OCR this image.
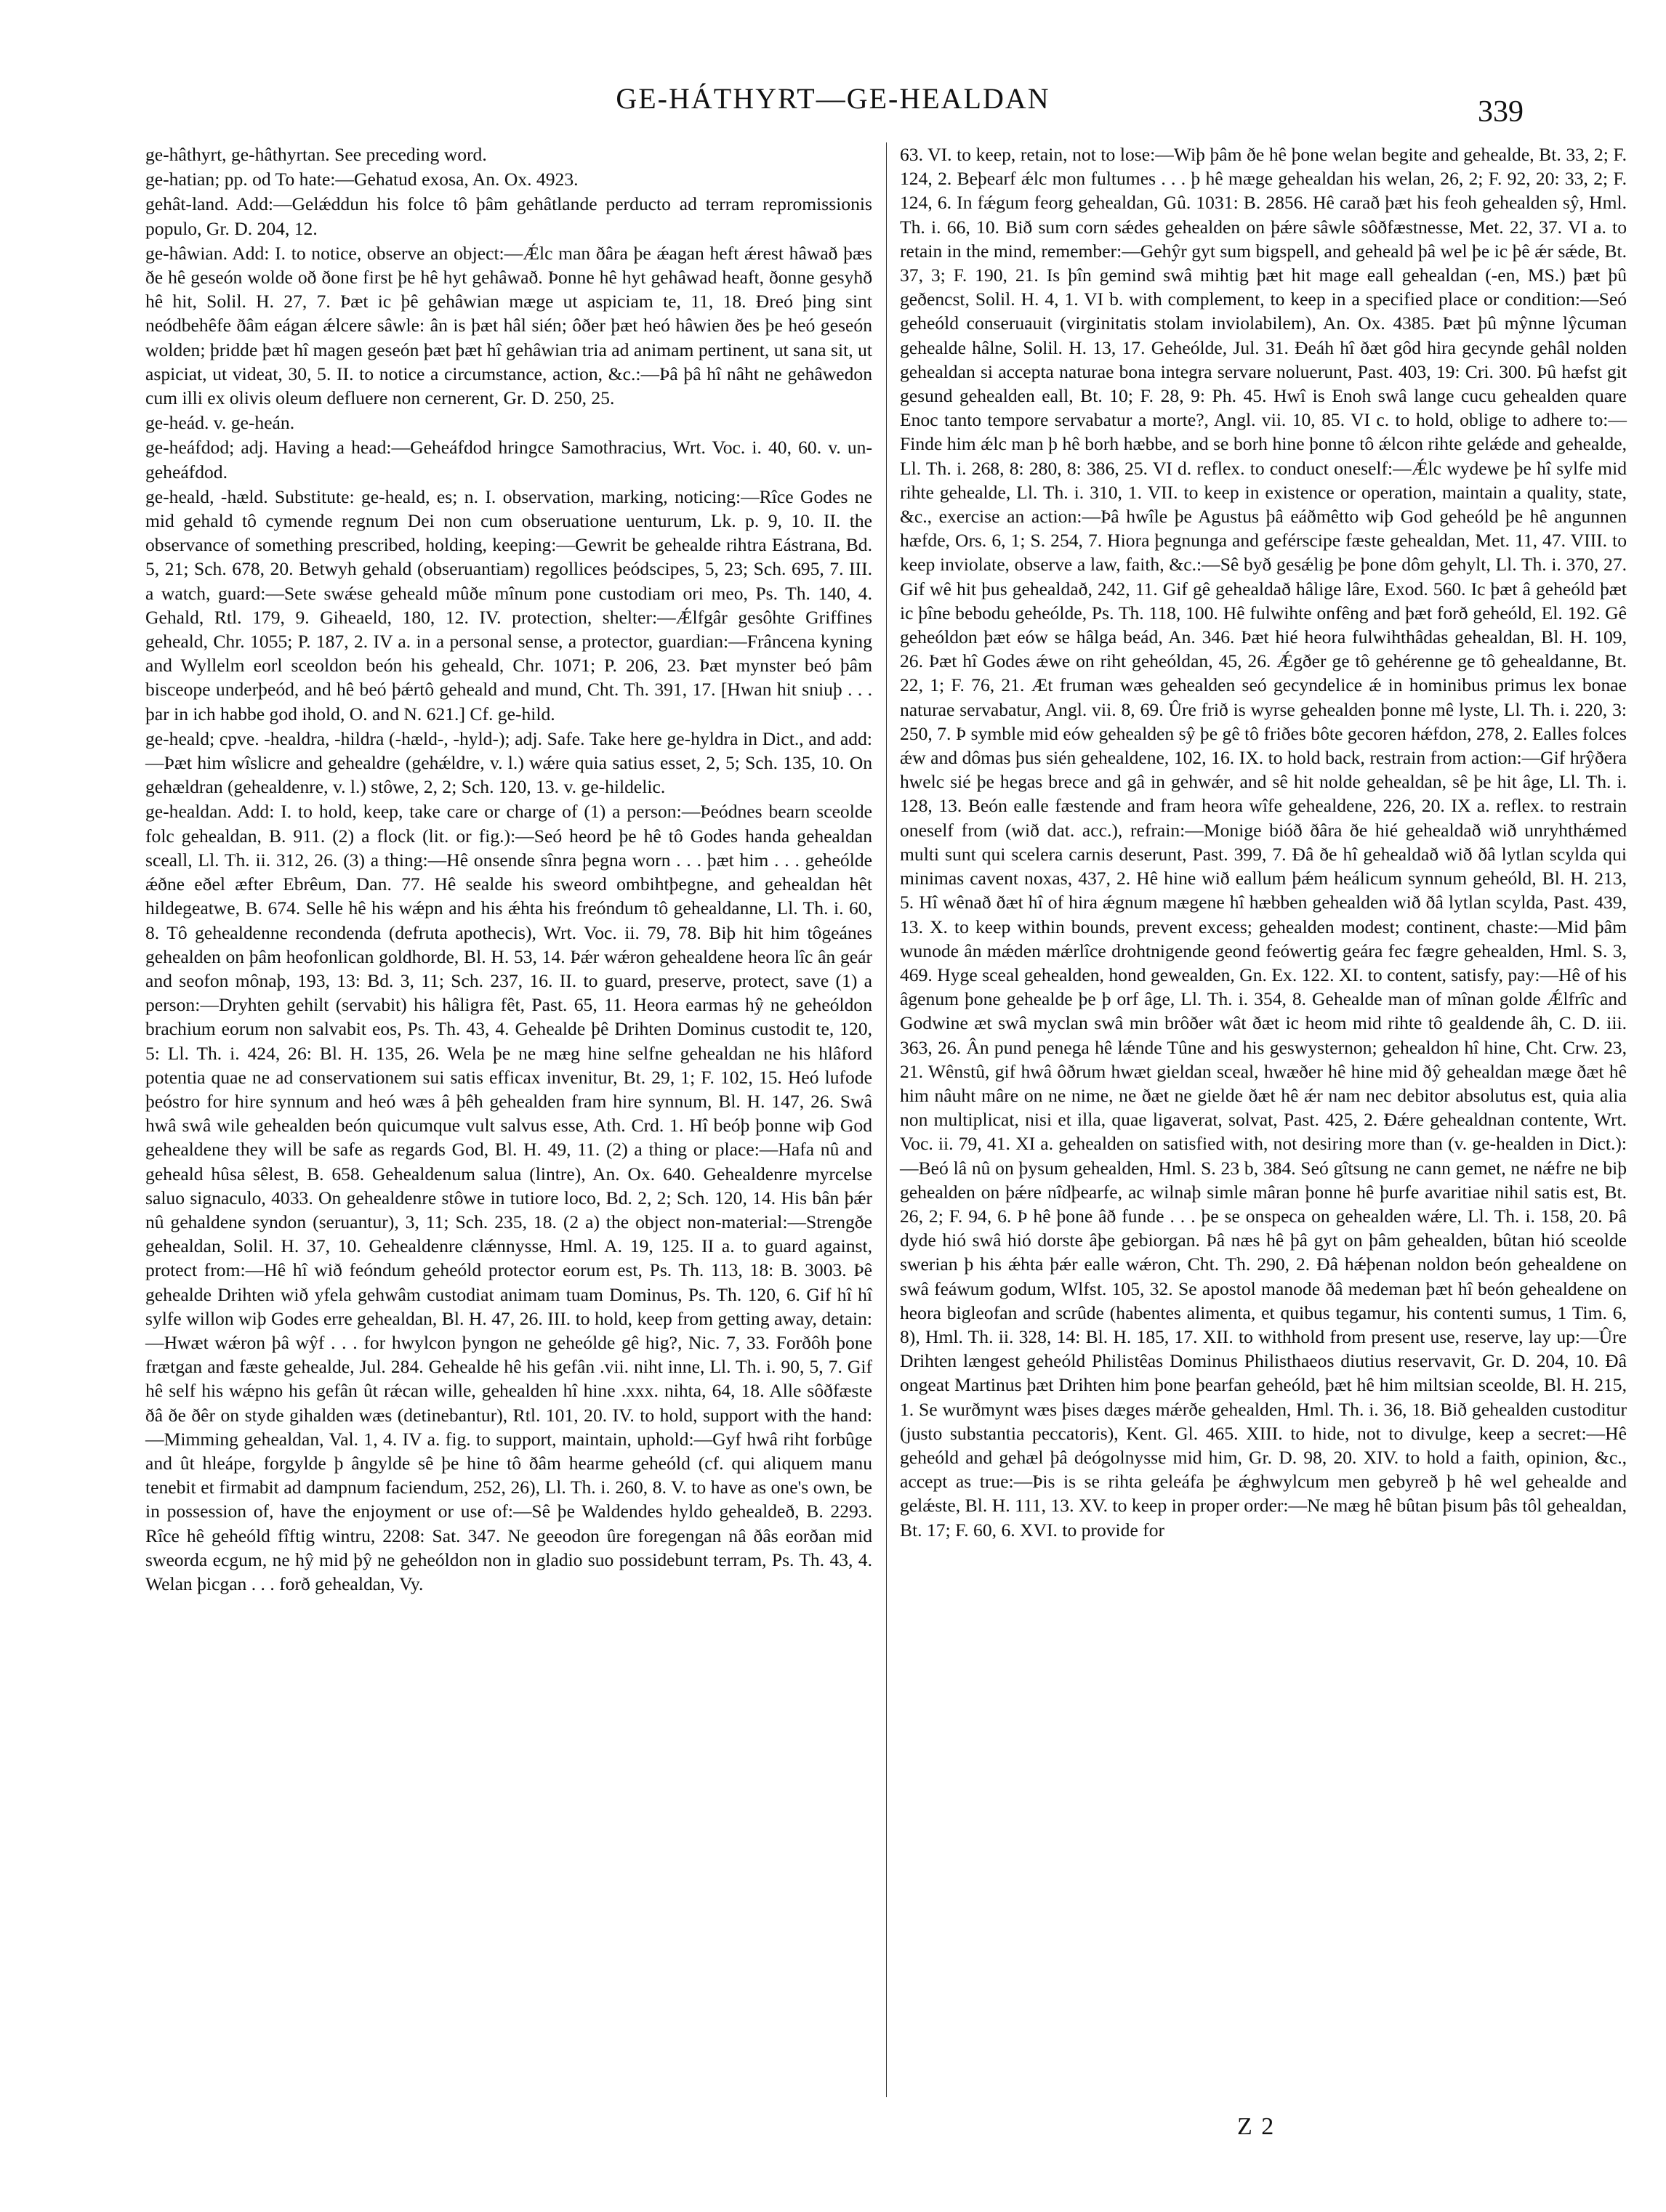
GE-HÁTHYRT—GE-HEALDAN	339

ge-hâthyrt, ge-hâthyrtan. See preceding word.

ge-hatian; pp. od To hate:—Gehatud exosa, An. Ox. 4923.

gehât-land. Add:—Gelǽddun his folce tô þâm gehâtlande perducto ad terram repromissionis populo, Gr. D. 204, 12.

ge-hâwian. Add: I. to notice, observe an object:—Ǽlc man ðâra þe ǽagan heft ǽrest hâwað þæs ðe hê geseón wolde oð ðone first þe hê hyt gehâwað. Þonne hê hyt gehâwad heaft, ðonne gesyhð hê hit, Solil. H. 27, 7. Þæt ic þê gehâwian mæge ut aspiciam te, 11, 18. Ðreó þing sint neódbehêfe ðâm eágan ǽlcere sâwle: ân is þæt hâl sién; ôðer þæt heó hâwien ðes þe heó geseón wolden; þridde þæt hî magen geseón þæt þæt hî gehâwian tria ad animam pertinent, ut sana sit, ut aspiciat, ut videat, 30, 5. II. to notice a circumstance, action, &c.:—Þâ þâ hî nâht ne gehâwedon cum illi ex olivis oleum defluere non cernerent, Gr. D. 250, 25.

ge-heád. v. ge-heán.

ge-heáfdod; adj. Having a head:—Geheáfdod hringce Samothracius, Wrt. Voc. i. 40, 60. v. un-geheáfdod.

ge-heald, -hæld. Substitute: ge-heald, es; n. I. observation, marking, noticing:—Rîce Godes ne mid gehald tô cymende regnum Dei non cum obseruatione uenturum, Lk. p. 9, 10. II. the observance of something prescribed, holding, keeping:—Gewrit be gehealde rihtra Eástrana, Bd. 5, 21; Sch. 678, 20. Betwyh gehald (obseruantiam) regollices þeódscipes, 5, 23; Sch. 695, 7. III. a watch, guard:—Sete swǽse geheald mûðe mînum pone custodiam ori meo, Ps. Th. 140, 4. Gehald, Rtl. 179, 9. Giheaeld, 180, 12. IV. protection, shelter:—Ǽlfgâr gesôhte Griffines geheald, Chr. 1055; P. 187, 2. IV a. in a personal sense, a protector, guardian:—Frâncena kyning and Wyllelm eorl sceoldon beón his geheald, Chr. 1071; P. 206, 23. Þæt mynster beó þâm bisceope underþeód, and hê beó þǽrtô geheald and mund, Cht. Th. 391, 17. [Hwan hit sniuþ . . . þar in ich habbe god ihold, O. and N. 621.] Cf. ge-hild.

ge-heald; cpve. -healdra, -hildra (-hæld-, -hyld-); adj. Safe. Take here ge-hyldra in Dict., and add:—Þæt him wîslicre and gehealdre (gehǽldre, v. l.) wǽre quia satius esset, 2, 5; Sch. 135, 10. On gehældran (gehealdenre, v. l.) stôwe, 2, 2; Sch. 120, 13. v. ge-hildelic.

ge-healdan. Add: I. to hold, keep, take care or charge of (1) a person:—Þeódnes bearn sceolde folc gehealdan, B. 911. (2) a flock (lit. or fig.):—Seó heord þe hê tô Godes handa gehealdan sceall, Ll. Th. ii. 312, 26. (3) a thing:—Hê onsende sînra þegna worn . . . þæt him . . . geheólde ǽðne eðel æfter Ebrêum, Dan. 77. Hê sealde his sweord ombihtþegne, and gehealdan hêt hildegeatwe, B. 674. Selle hê his wǽpn and his ǽhta his freóndum tô gehealdanne, Ll. Th. i. 60, 8. Tô gehealdenne recondenda (defruta apothecis), Wrt. Voc. ii. 79, 78. Biþ hit him tôgeánes gehealden on þâm heofonlican goldhorde, Bl. H. 53, 14. Þǽr wǽron gehealdene heora lîc ân geár and seofon mônaþ, 193, 13: Bd. 3, 11; Sch. 237, 16. II. to guard, preserve, protect, save (1) a person:—Dryhten gehilt (servabit) his hâligra fêt, Past. 65, 11. Heora earmas hŷ ne geheóldon brachium eorum non salvabit eos, Ps. Th. 43, 4. Gehealde þê Drihten Dominus custodit te, 120, 5: Ll. Th. i. 424, 26: Bl. H. 135, 26. Wela þe ne mæg hine selfne gehealdan ne his hlâford potentia quae ne ad conservationem sui satis efficax invenitur, Bt. 29, 1; F. 102, 15. Heó lufode þeóstro for hire synnum and heó wæs â þêh gehealden fram hire synnum, Bl. H. 147, 26. Swâ hwâ swâ wile gehealden beón quicumque vult salvus esse, Ath. Crd. 1. Hî beóþ þonne wiþ God gehealdene they will be safe as regards God, Bl. H. 49, 11. (2) a thing or place:—Hafa nû and geheald hûsa sêlest, B. 658. Gehealdenum salua (lintre), An. Ox. 640. Gehealdenre myrcelse saluo signaculo, 4033. On gehealdenre stôwe in tutiore loco, Bd. 2, 2; Sch. 120, 14. His bân þǽr nû gehaldene syndon (seruantur), 3, 11; Sch. 235, 18. (2 a) the object non-material:—Strengðe gehealdan, Solil. H. 37, 10. Gehealdenre clǽnnysse, Hml. A. 19, 125. II a. to guard against, protect from:—Hê hî wið feóndum geheóld protector eorum est, Ps. Th. 113, 18: B. 3003. Þê gehealde Drihten wið yfela gehwâm custodiat animam tuam Dominus, Ps. Th. 120, 6. Gif hî hî sylfe willon wiþ Godes erre gehealdan, Bl. H. 47, 26. III. to hold, keep from getting away, detain:—Hwæt wǽron þâ wŷf . . . for hwylcon þyngon ne geheólde gê hig?, Nic. 7, 33. Forðôh þone frætgan and fæste gehealde, Jul. 284. Gehealde hê his gefân .vii. niht inne, Ll. Th. i. 90, 5, 7. Gif hê self his wǽpno his gefân ût rǽcan wille, gehealden hî hine .xxx. nihta, 64, 18. Alle sôðfæste ðâ ðe ðêr on styde gihalden wæs (detinebantur), Rtl. 101, 20. IV. to hold, support with the hand:—Mimming gehealdan, Val. 1, 4. IV a. fig. to support, maintain, uphold:—Gyf hwâ riht forbûge and ût hleápe, forgylde þ ângylde sê þe hine tô ðâm hearme geheóld (cf. qui aliquem manu tenebit et firmabit ad dampnum faciendum, 252, 26), Ll. Th. i. 260, 8. V. to have as one's own, be in possession of, have the enjoyment or use of:—Sê þe Waldendes hyldo gehealdeð, B. 2293. Rîce hê geheóld fîftig wintru, 2208: Sat. 347. Ne geeodon ûre foregengan nâ ðâs eorðan mid sweorda ecgum, ne hŷ mid þŷ ne geheóldon non in gladio suo possidebunt terram, Ps. Th. 43, 4. Welan þicgan . . . forð gehealdan, Vy.

63. VI. to keep, retain, not to lose:—Wiþ þâm ðe hê þone welan begite and gehealde, Bt. 33, 2; F. 124, 2. Beþearf ǽlc mon fultumes . . . þ hê mæge gehealdan his welan, 26, 2; F. 92, 20: 33, 2; F. 124, 6. In fǽgum feorg gehealdan, Gû. 1031: B. 2856. Hê carað þæt his feoh gehealden sŷ, Hml. Th. i. 66, 10. Bið sum corn sǽdes gehealden on þǽre sâwle sôðfæstnesse, Met. 22, 37. VI a. to retain in the mind, remember:—Gehŷr gyt sum bigspell, and geheald þâ wel þe ic þê ǽr sǽde, Bt. 37, 3; F. 190, 21. Is þîn gemind swâ mihtig þæt hit mage eall gehealdan (-en, MS.) þæt þû geðencst, Solil. H. 4, 1. VI b. with complement, to keep in a specified place or condition:—Seó geheóld conseruauit (virginitatis stolam inviolabilem), An. Ox. 4385. Þæt þû mŷnne lŷcuman gehealde hâlne, Solil. H. 13, 17. Geheólde, Jul. 31. Ðeáh hî ðæt gôd hira gecynde gehâl nolden gehealdan si accepta naturae bona integra servare noluerunt, Past. 403, 19: Cri. 300. Þû hæfst git gesund gehealden eall, Bt. 10; F. 28, 9: Ph. 45. Hwî is Enoh swâ lange cucu gehealden quare Enoc tanto tempore servabatur a morte?, Angl. vii. 10, 85. VI c. to hold, oblige to adhere to:—Finde him ǽlc man þ hê borh hæbbe, and se borh hine þonne tô ǽlcon rihte gelǽde and gehealde, Ll. Th. i. 268, 8: 280, 8: 386, 25. VI d. reflex. to conduct oneself:—Ǽlc wydewe þe hî sylfe mid rihte gehealde, Ll. Th. i. 310, 1. VII. to keep in existence or operation, maintain a quality, state, &c., exercise an action:—Þâ hwîle þe Agustus þâ eáðmêtto wiþ God geheóld þe hê angunnen hæfde, Ors. 6, 1; S. 254, 7. Hiora þegnunga and geférscipe fæste gehealdan, Met. 11, 47. VIII. to keep inviolate, observe a law, faith, &c.:—Sê byð gesǽlig þe þone dôm gehylt, Ll. Th. i. 370, 27. Gif wê hit þus gehealdað, 242, 11. Gif gê gehealdað hâlige lâre, Exod. 560. Ic þæt â geheóld þæt ic þîne bebodu geheólde, Ps. Th. 118, 100. Hê fulwihte onfêng and þæt forð geheóld, El. 192. Gê geheóldon þæt eów se hâlga beád, An. 346. Þæt hié heora fulwihthâdas gehealdan, Bl. H. 109, 26. Þæt hî Godes ǽwe on riht geheóldan, 45, 26. Ǽgðer ge tô gehérenne ge tô gehealdanne, Bt. 22, 1; F. 76, 21. Æt fruman wæs gehealden seó gecyndelice ǽ in hominibus primus lex bonae naturae servabatur, Angl. vii. 8, 69. Ûre frið is wyrse gehealden þonne mê lyste, Ll. Th. i. 220, 3: 250, 7. Þ symble mid eów gehealden sŷ þe gê tô friðes bôte gecoren hǽfdon, 278, 2. Ealles folces ǽw and dômas þus sién gehealdene, 102, 16. IX. to hold back, restrain from action:—Gif hrŷðera hwelc sié þe hegas brece and gâ in gehwǽr, and sê hit nolde gehealdan, sê þe hit âge, Ll. Th. i. 128, 13. Beón ealle fæstende and fram heora wîfe gehealdene, 226, 20. IX a. reflex. to restrain oneself from (wið dat. acc.), refrain:—Monige bióð ðâra ðe hié gehealdað wið unryhthǽmed multi sunt qui scelera carnis deserunt, Past. 399, 7. Ðâ ðe hî gehealdað wið ðâ lytlan scylda qui minimas cavent noxas, 437, 2. Hê hine wið eallum þǽm heálicum synnum geheóld, Bl. H. 213, 5. Hî wênað ðæt hî of hira ǽgnum mægene hî hæbben gehealden wið ðâ lytlan scylda, Past. 439, 13. X. to keep within bounds, prevent excess; gehealden modest; continent, chaste:—Mid þâm wunode ân mǽden mǽrlîce drohtnigende geond feówertig geára fec fægre gehealden, Hml. S. 3, 469. Hyge sceal gehealden, hond gewealden, Gn. Ex. 122. XI. to content, satisfy, pay:—Hê of his âgenum þone gehealde þe þ orf âge, Ll. Th. i. 354, 8. Gehealde man of mînan golde Ǽlfrîc and Godwine æt swâ myclan swâ min brôðer wât ðæt ic heom mid rihte tô gealdende âh, C. D. iii. 363, 26. Ân pund penega hê lǽnde Tûne and his geswysternon; gehealdon hî hine, Cht. Crw. 23, 21. Wênstû, gif hwâ ôðrum hwæt gieldan sceal, hwæðer hê hine mid ðŷ gehealdan mæge ðæt hê him nâuht mâre on ne nime, ne ðæt ne gielde ðæt hê ǽr nam nec debitor absolutus est, quia alia non multiplicat, nisi et illa, quae ligaverat, solvat, Past. 425, 2. Ðǽre gehealdnan contente, Wrt. Voc. ii. 79, 41. XI a. gehealden on satisfied with, not desiring more than (v. ge-healden in Dict.):—Beó lâ nû on þysum gehealden, Hml. S. 23 b, 384. Seó gîtsung ne cann gemet, ne nǽfre ne biþ gehealden on þǽre nîdþearfe, ac wilnaþ simle mâran þonne hê þurfe avaritiae nihil satis est, Bt. 26, 2; F. 94, 6. Þ hê þone âð funde . . . þe se onspeca on gehealden wǽre, Ll. Th. i. 158, 20. Þâ dyde hió swâ hió dorste âþe gebiorgan. Þâ næs hê þâ gyt on þâm gehealden, bûtan hió sceolde swerian þ his ǽhta þǽr ealle wǽron, Cht. Th. 290, 2. Ðâ hǽþenan noldon beón gehealdene on swâ feáwum godum, Wlfst. 105, 32. Se apostol manode ðâ medeman þæt hî beón gehealdene on heora bigleofan and scrûde (habentes alimenta, et quibus tegamur, his contenti sumus, 1 Tim. 6, 8), Hml. Th. ii. 328, 14: Bl. H. 185, 17. XII. to withhold from present use, reserve, lay up:—Ûre Drihten længest geheóld Philistêas Dominus Philisthaeos diutius reservavit, Gr. D. 204, 10. Ðâ ongeat Martinus þæt Drihten him þone þearfan geheóld, þæt hê him miltsian sceolde, Bl. H. 215, 1. Se wurðmynt wæs þises dæges mǽrðe gehealden, Hml. Th. i. 36, 18. Bið gehealden custoditur (justo substantia peccatoris), Kent. Gl. 465. XIII. to hide, not to divulge, keep a secret:—Hê geheóld and gehæl þâ deógolnysse mid him, Gr. D. 98, 20. XIV. to hold a faith, opinion, &c., accept as true:—Þis is se rihta geleáfa þe ǽghwylcum men gebyreð þ hê wel gehealde and gelǽste, Bl. H. 111, 13. XV. to keep in proper order:—Ne mæg hê bûtan þisum þâs tôl gehealdan, Bt. 17; F. 60, 6. XVI. to provide for

Z 2
